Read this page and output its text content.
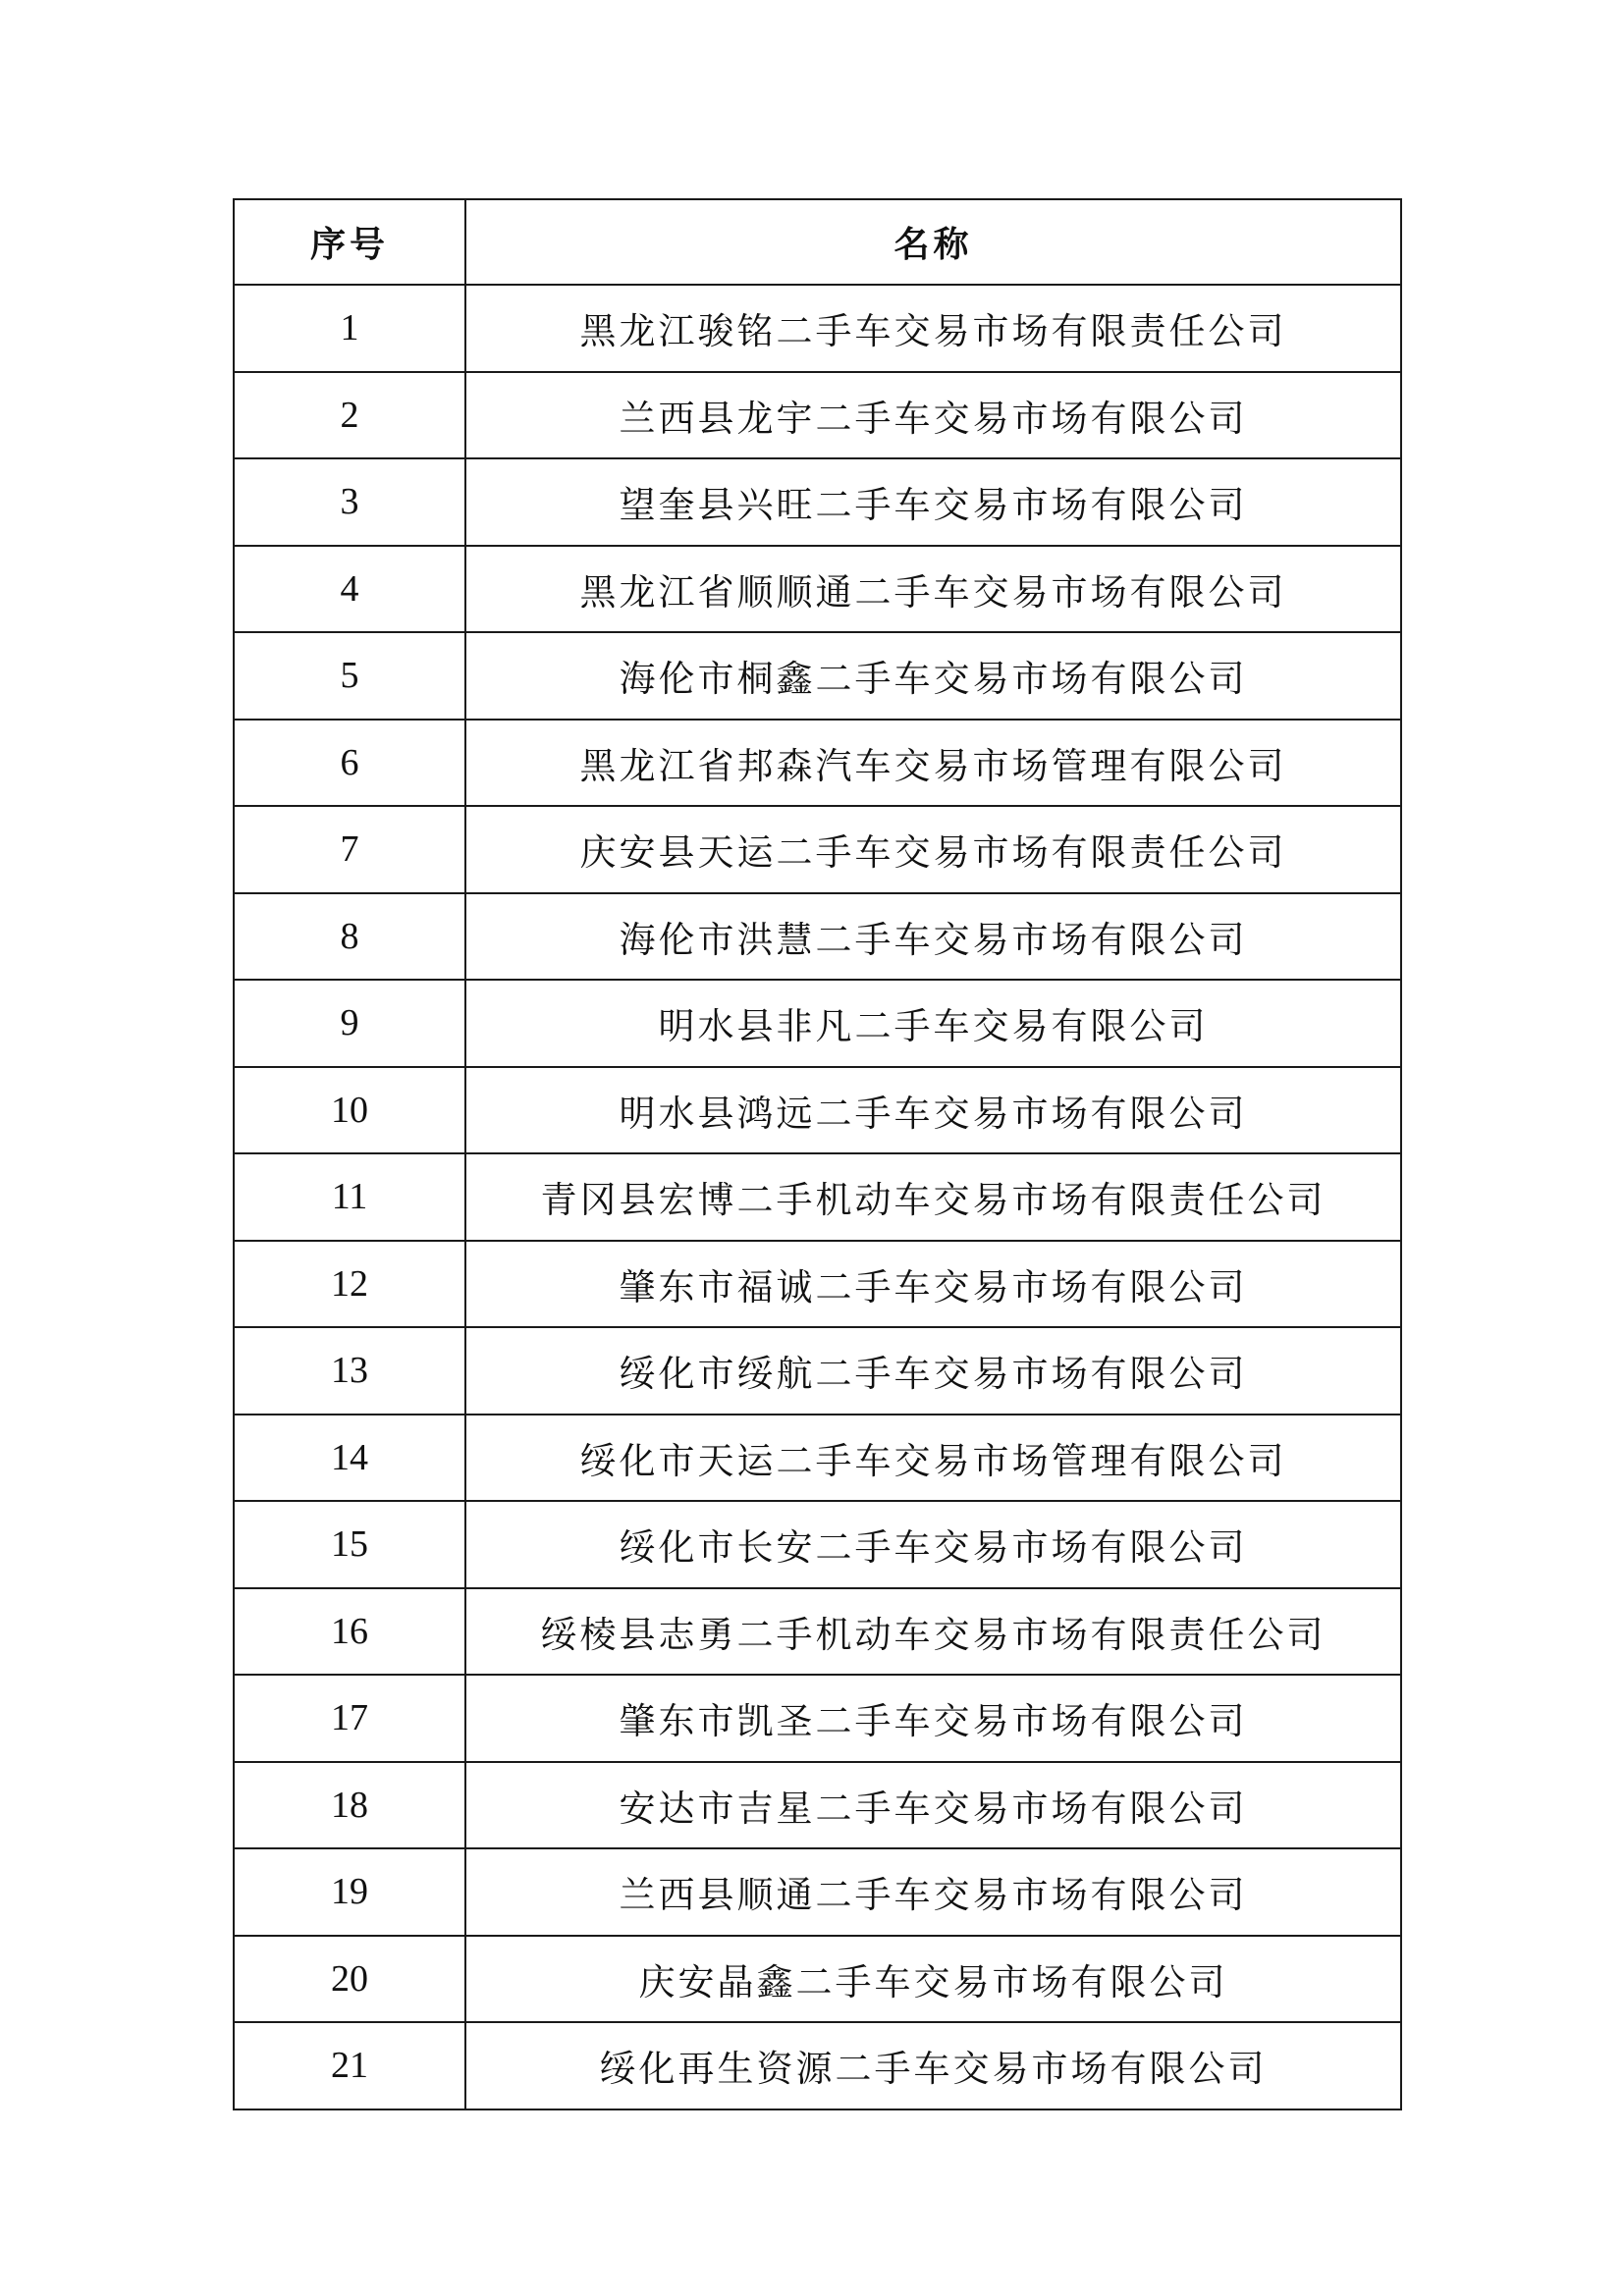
序号	名称
1	黑龙江骏铭二手车交易市场有限责任公司
2	兰西县龙宇二手车交易市场有限公司
3	望奎县兴旺二手车交易市场有限公司
4	黑龙江省顺顺通二手车交易市场有限公司
5	海伦市桐鑫二手车交易市场有限公司
6	黑龙江省邦森汽车交易市场管理有限公司
7	庆安县天运二手车交易市场有限责任公司
8	海伦市洪慧二手车交易市场有限公司
9	明水县非凡二手车交易有限公司
10	明水县鸿远二手车交易市场有限公司
11	青冈县宏博二手机动车交易市场有限责任公司
12	肇东市福诚二手车交易市场有限公司
13	绥化市绥航二手车交易市场有限公司
14	绥化市天运二手车交易市场管理有限公司
15	绥化市长安二手车交易市场有限公司
16	绥棱县志勇二手机动车交易市场有限责任公司
17	肇东市凯圣二手车交易市场有限公司
18	安达市吉星二手车交易市场有限公司
19	兰西县顺通二手车交易市场有限公司
20	庆安晶鑫二手车交易市场有限公司
21	绥化再生资源二手车交易市场有限公司
